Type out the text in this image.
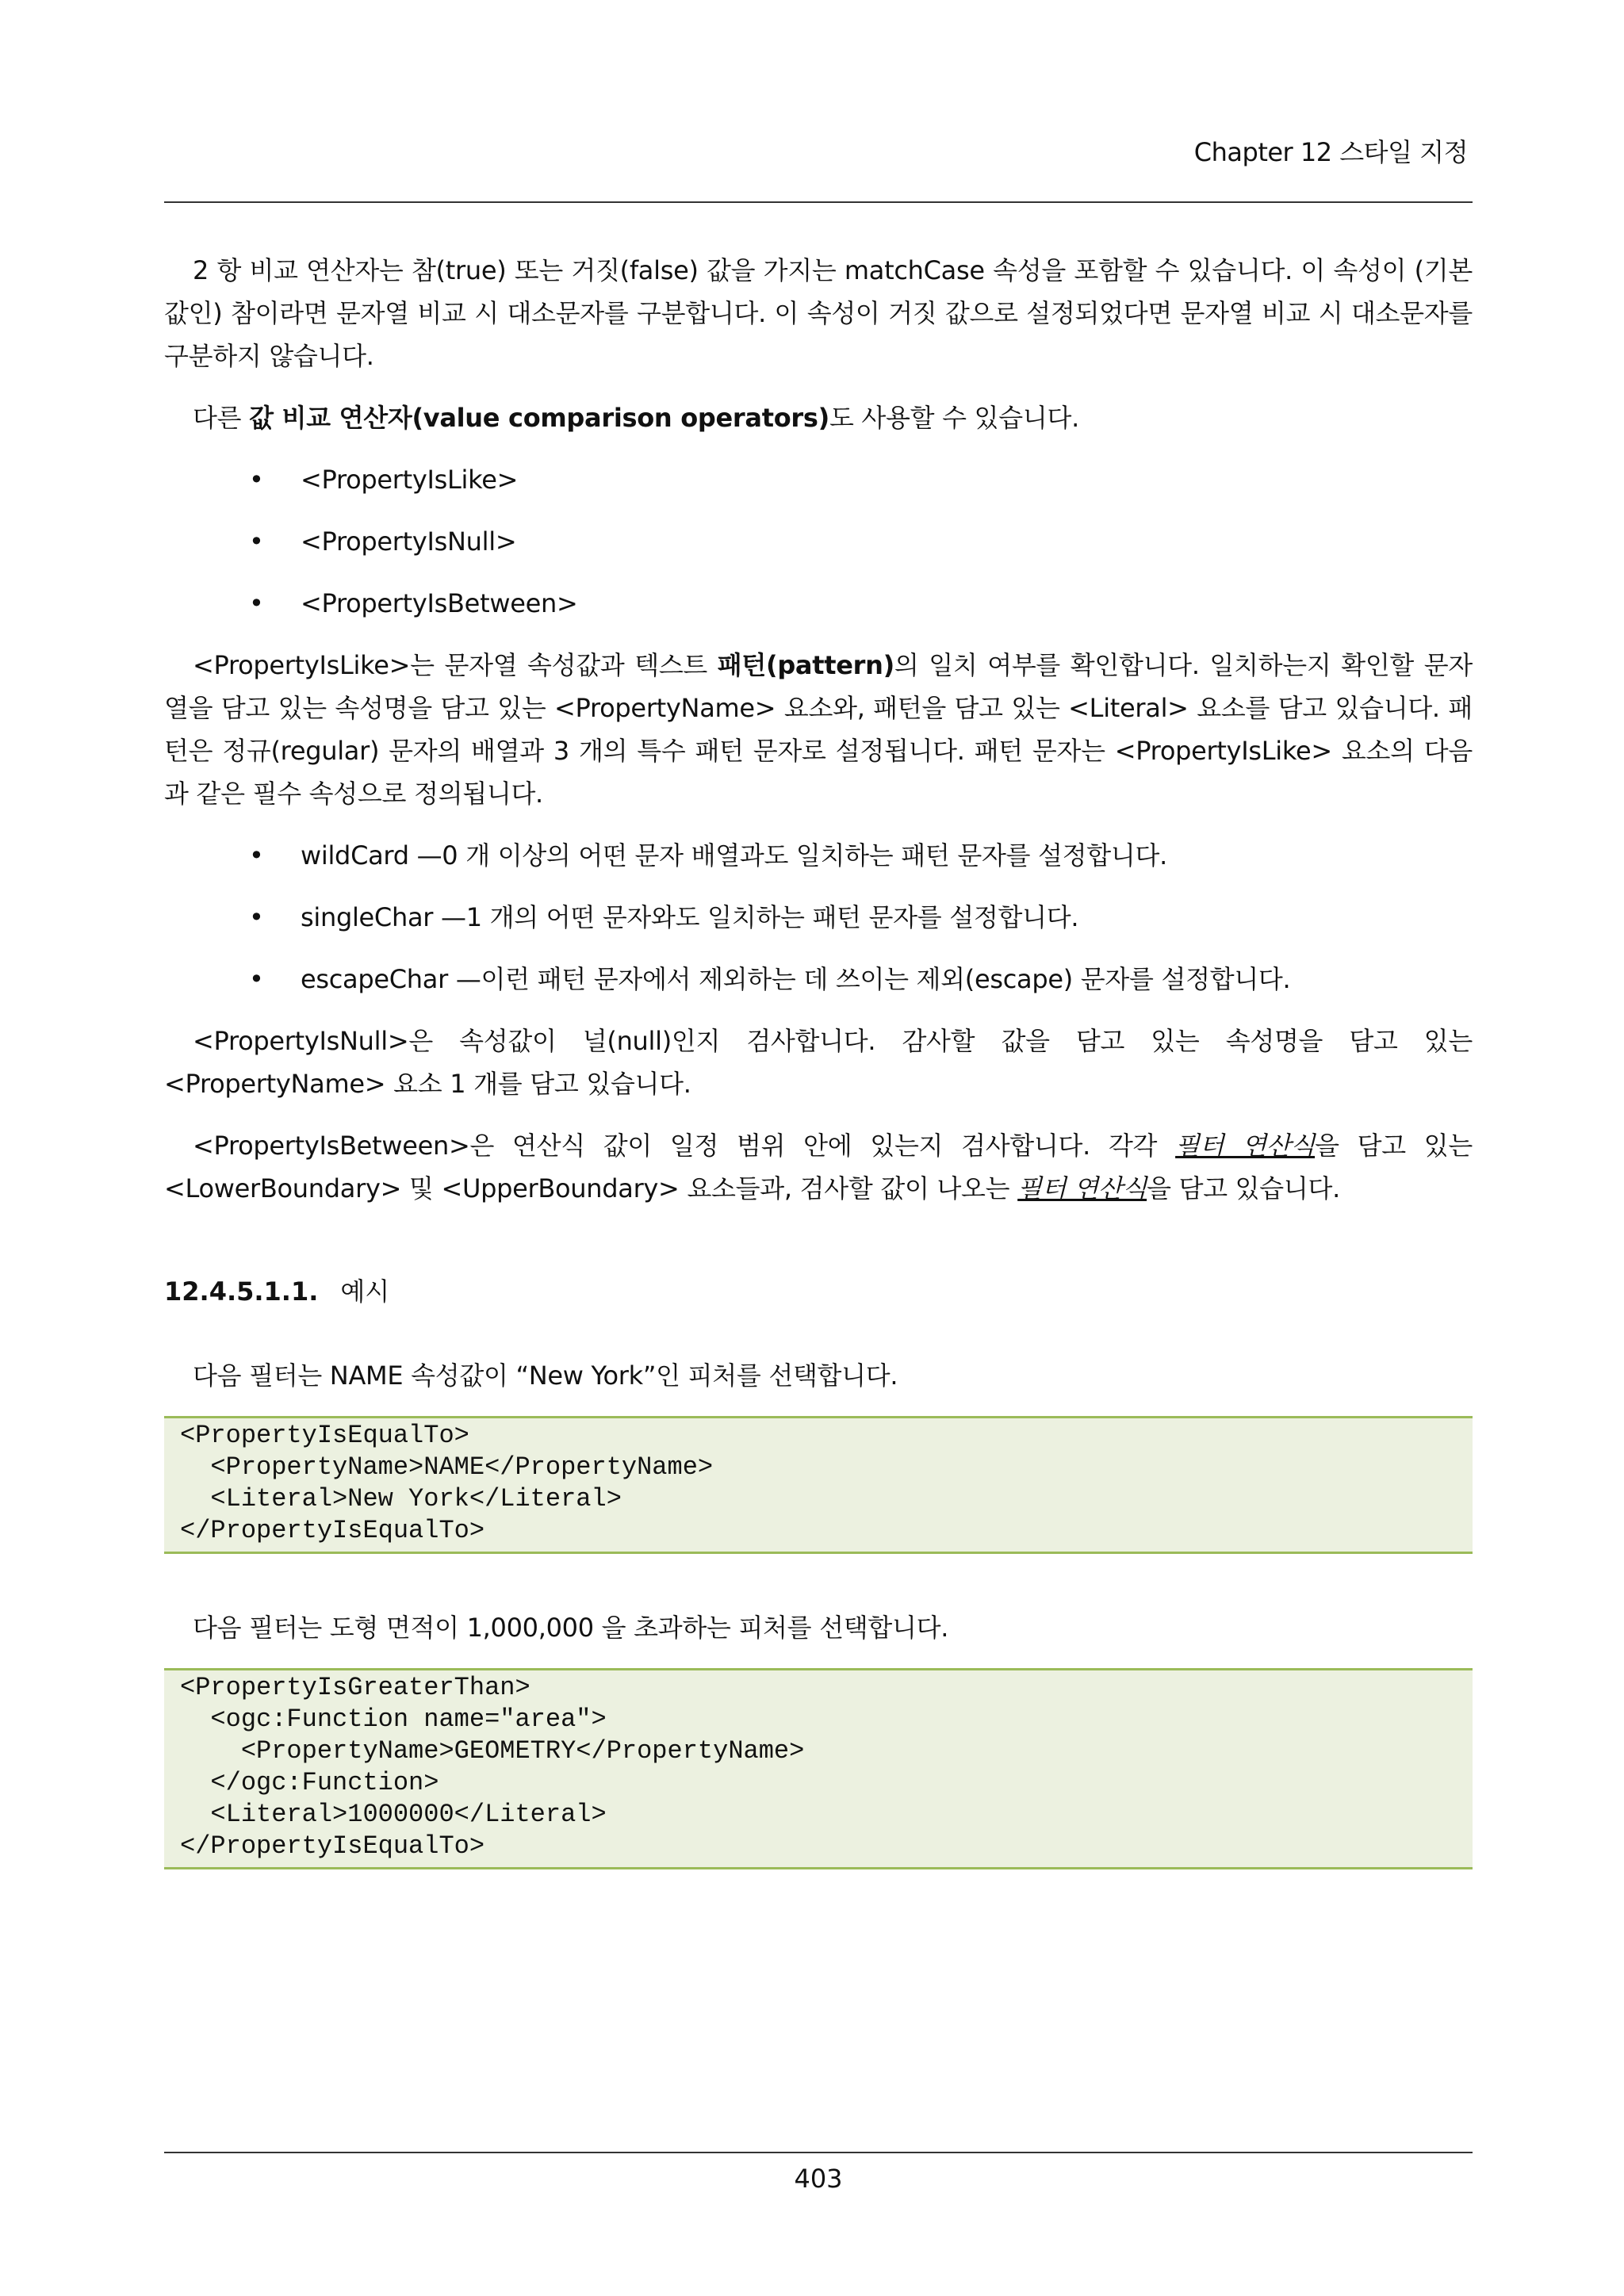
Chapter 12 스타일 지정

2 항 비교 연산자는 참(true) 또는 거짓(false) 값을 가지는 matchCase 속성을 포함할 수 있습니다. 이 속성이 (기본값인) 참이라면 문자열 비교 시 대소문자를 구분합니다. 이 속성이 거짓 값으로 설정되었다면 문자열 비교 시 대소문자를 구분하지 않습니다.

다른 값 비교 연산자(value comparison operators)도 사용할 수 있습니다.

• <PropertyIsLike>
• <PropertyIsNull>
• <PropertyIsBetween>

<PropertyIsLike>는 문자열 속성값과 텍스트 패턴(pattern)의 일치 여부를 확인합니다. 일치하는지 확인할 문자열을 담고 있는 속성명을 담고 있는 <PropertyName> 요소와, 패턴을 담고 있는 <Literal> 요소를 담고 있습니다. 패턴은 정규(regular) 문자의 배열과 3 개의 특수 패턴 문자로 설정됩니다. 패턴 문자는 <PropertyIsLike> 요소의 다음과 같은 필수 속성으로 정의됩니다.

• wildCard —0 개 이상의 어떤 문자 배열과도 일치하는 패턴 문자를 설정합니다.
• singleChar —1 개의 어떤 문자와도 일치하는 패턴 문자를 설정합니다.
• escapeChar —이런 패턴 문자에서 제외하는 데 쓰이는 제외(escape) 문자를 설정합니다.

<PropertyIsNull>은 속성값이 널(null)인지 검사합니다. 감사할 값을 담고 있는 속성명을 담고 있는 <PropertyName> 요소 1 개를 담고 있습니다.

<PropertyIsBetween>은 연산식 값이 일정 범위 안에 있는지 검사합니다. 각각 필터 연산식을 담고 있는 <LowerBoundary> 및 <UpperBoundary> 요소들과, 검사할 값이 나오는 필터 연산식을 담고 있습니다.

12.4.5.1.1. 예시

다음 필터는 NAME 속성값이 “New York”인 피처를 선택합니다.

<PropertyIsEqualTo>
<PropertyName>NAME</PropertyName>
<Literal>New York</Literal>
</PropertyIsEqualTo>

다음 필터는 도형 면적이 1,000,000 을 초과하는 피처를 선택합니다.

<PropertyIsGreaterThan>
<ogc:Function name="area">
<PropertyName>GEOMETRY</PropertyName>
</ogc:Function>
<Literal>1000000</Literal>
</PropertyIsEqualTo>
403
